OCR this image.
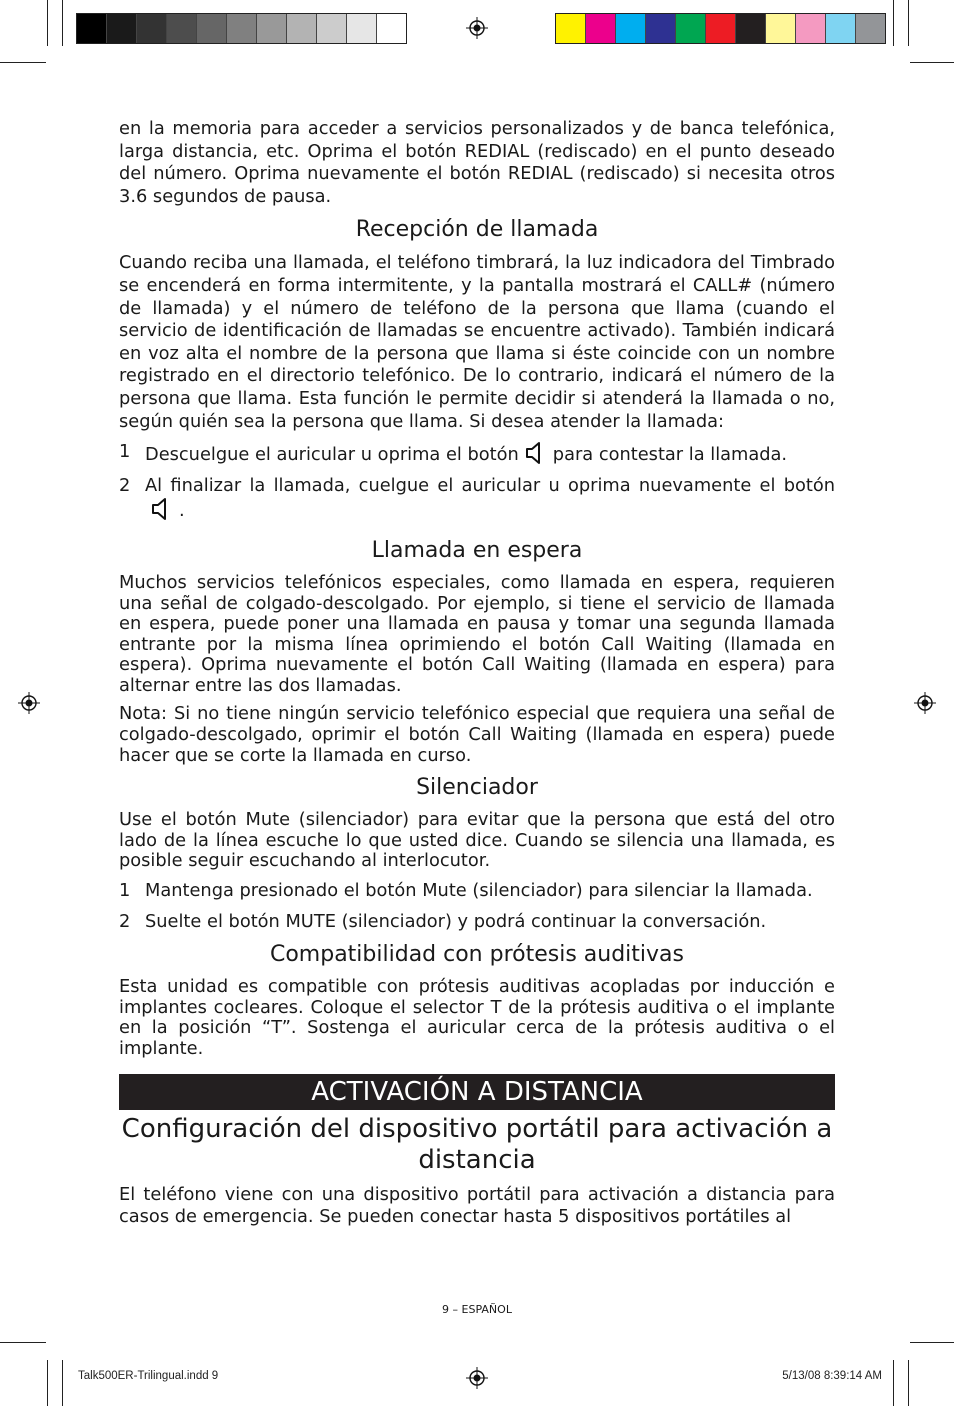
en la memoria para acceder a servicios personalizados y de banca telefónica, larga distancia, etc. Oprima el botón REDIAL (rediscado) en el punto deseado del número. Oprima nuevamente el botón REDIAL (rediscado) si necesita otros 3.6 segundos de pausa.

Recepción de llamada

Cuando reciba una llamada, el teléfono timbrará, la luz indicadora del Timbrado se encenderá en forma intermitente, y la pantalla mostrará el CALL# (número de llamada) y el número de teléfono de la persona que llama (cuando el servicio de identificación de llamadas se encuentre activado). También indicará en voz alta el nombre de la persona que llama si éste coincide con un nombre registrado en el directorio telefónico. De lo contrario, indicará el número de la persona que llama. Esta función le permite decidir si atenderá la llamada o no, según quién sea la persona que llama. Si desea atender la llamada:

1 Descuelgue el auricular u oprima el botón para contestar la llamada.
2 Al finalizar la llamada, cuelgue el auricular u oprima nuevamente el botón.
Llamada en espera

Muchos servicios telefónicos especiales, como llamada en espera, requieren una señal de colgado-descolgado. Por ejemplo, si tiene el servicio de llamada en espera, puede poner una llamada en pausa y tomar una segunda llamada entrante por la misma línea oprimiendo el botón Call Waiting (llamada en espera). Oprima nuevamente el botón Call Waiting (llamada en espera) para alternar entre las dos llamadas.

Nota: Si no tiene ningún servicio telefónico especial que requiera una señal de colgado-descolgado, oprimir el botón Call Waiting (llamada en espera) puede hacer que se corte la llamada en curso.

Silenciador

Use el botón Mute (silenciador) para evitar que la persona que está del otro lado de la línea escuche lo que usted dice. Cuando se silencia una llamada, es posible seguir escuchando al interlocutor.

1 Mantenga presionado el botón Mute (silenciador) para silenciar la llamada.
2 Suelte el botón MUTE (silenciador) y podrá continuar la conversación.
Compatibilidad con prótesis auditivas

Esta unidad es compatible con prótesis auditivas acopladas por inducción e implantes cocleares. Coloque el selector T de la prótesis auditiva o el implante en la posición “T”. Sostenga el auricular cerca de la prótesis auditiva o el implante.

ACTIVACIÓN A DISTANCIA
Configuración del dispositivo portátil para activación a distancia

El teléfono viene con una dispositivo portátil para activación a distancia para casos de emergencia. Se pueden conectar hasta 5 dispositivos portátiles al

9 – ESPAÑOL
Talk500ER-Trilingual.indd 9	5/13/08 8:39:14 AM
